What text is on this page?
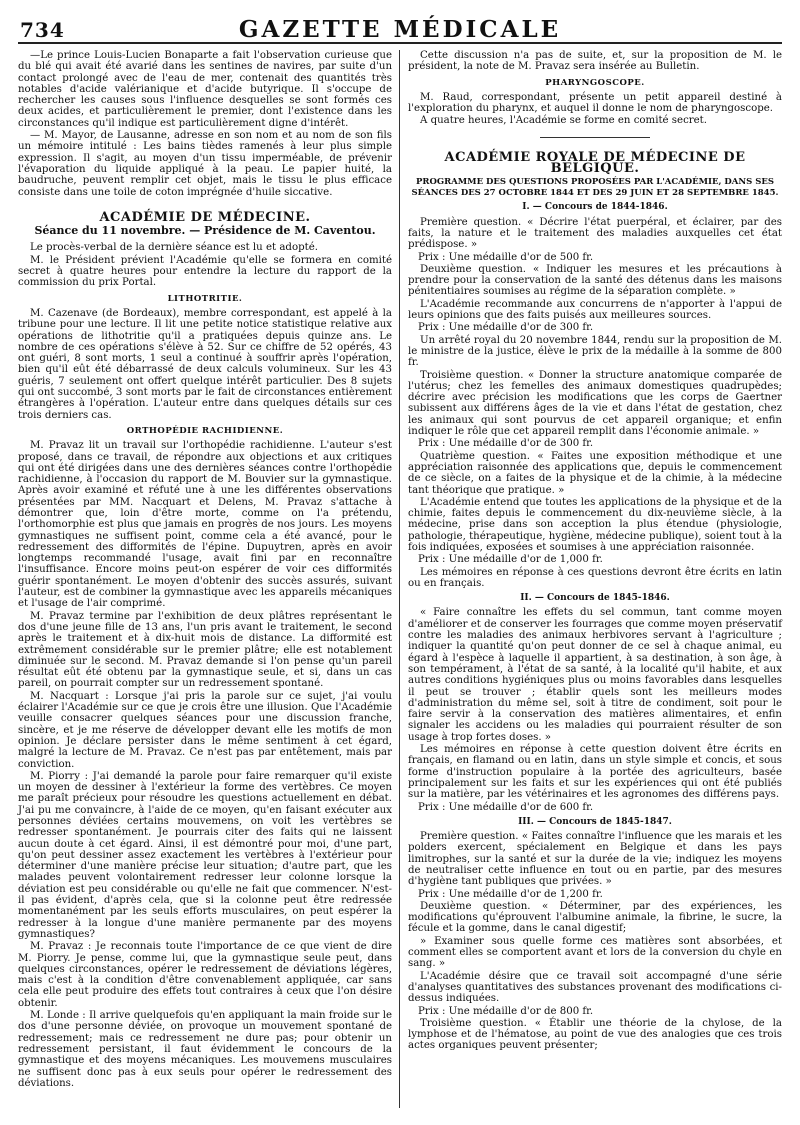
734	GAZETTE MÉDICALE

—Le prince Louis-Lucien Bonaparte a fait l'observation curieuse que du blé qui avait été avarié dans les sentines de navires, par suite d'un contact prolongé avec de l'eau de mer, contenait des quantités très notables d'acide valérianique et d'acide butyrique. Il s'occupe de rechercher les causes sous l'influence desquelles se sont formés ces deux acides, et particulièrement le premier, dont l'existence dans les circonstances qu'il indique est particulièrement digne d'intérêt.

— M. Mayor, de Lausanne, adresse en son nom et au nom de son fils un mémoire intitulé : Les bains tièdes ramenés à leur plus simple expression. Il s'agit, au moyen d'un tissu imperméable, de prévenir l'évaporation du liquide appliqué à la peau. Le papier huité, la baudruche, peuvent remplir cet objet, mais le tissu le plus efficace consiste dans une toile de coton imprégnée d'huile siccative.

ACADÉMIE DE MÉDECINE.
Séance du 11 novembre. — Présidence de M. Caventou.

Le procès-verbal de la dernière séance est lu et adopté.

M. le Président prévient l'Académie qu'elle se formera en comité secret à quatre heures pour entendre la lecture du rapport de la commission du prix Portal.

LITHOTRITIE.

M. Cazenave (de Bordeaux), membre correspondant, est appelé à la tribune pour une lecture. Il lit une petite notice statistique relative aux opérations de lithotritie qu'il a pratiquées depuis quinze ans. Le nombre de ces opérations s'élève à 52. Sur ce chiffre de 52 opérés, 43 ont guéri, 8 sont morts, 1 seul a continué à souffrir après l'opération, bien qu'il eût été débarrassé de deux calculs volumineux. Sur les 43 guéris, 7 seulement ont offert quelque intérêt particulier. Des 8 sujets qui ont succombé, 3 sont morts par le fait de circonstances entièrement étrangères à l'opération. L'auteur entre dans quelques détails sur ces trois derniers cas.

ORTHOPÉDIE RACHIDIENNE.

M. Pravaz lit un travail sur l'orthopédie rachidienne. L'auteur s'est proposé, dans ce travail, de répondre aux objections et aux critiques qui ont été dirigées dans une des dernières séances contre l'orthopédie rachidienne, à l'occasion du rapport de M. Bouvier sur la gymnastique. Après avoir examiné et réfuté une à une les différentes observations présentées par MM. Nacquart et Delens, M. Pravaz s'attache à démontrer que, loin d'être morte, comme on l'a prétendu, l'orthomorphie est plus que jamais en progrès de nos jours. Les moyens gymnastiques ne suffisent point, comme cela a été avancé, pour le redressement des difformités de l'épine. Dupuytren, après en avoir longtemps recommandé l'usage, avait fini par en reconnaître l'insuffisance. Encore moins peut-on espérer de voir ces difformités guérir spontanément. Le moyen d'obtenir des succès assurés, suivant l'auteur, est de combiner la gymnastique avec les appareils mécaniques et l'usage de l'air comprimé.

M. Pravaz termine par l'exhibition de deux plâtres représentant le dos d'une jeune fille de 13 ans, l'un pris avant le traitement, le second après le traitement et à dix-huit mois de distance. La difformité est extrêmement considérable sur le premier plâtre; elle est notablement diminuée sur le second. M. Pravaz demande si l'on pense qu'un pareil résultat eût été obtenu par la gymnastique seule, et si, dans un cas pareil, on pourrait compter sur un redressement spontané.

M. Nacquart : Lorsque j'ai pris la parole sur ce sujet, j'ai voulu éclairer l'Académie sur ce que je crois être une illusion. Que l'Académie veuille consacrer quelques séances pour une discussion franche, sincère, et je me réserve de développer devant elle les motifs de mon opinion. Je déclare persister dans le même sentiment à cet égard, malgré la lecture de M. Pravaz. Ce n'est pas par entêtement, mais par conviction.

M. Piorry : J'ai demandé la parole pour faire remarquer qu'il existe un moyen de dessiner à l'extérieur la forme des vertèbres. Ce moyen me paraît précieux pour résoudre les questions actuellement en débat. J'ai pu me convaincre, à l'aide de ce moyen, qu'en faisant exécuter aux personnes déviées certains mouvemens, on voit les vertèbres se redresser spontanément. Je pourrais citer des faits qui ne laissent aucun doute à cet égard. Ainsi, il est démontré pour moi, d'une part, qu'on peut dessiner assez exactement les vertèbres à l'extérieur pour déterminer d'une manière précise leur situation; d'autre part, que les malades peuvent volontairement redresser leur colonne lorsque la déviation est peu considérable ou qu'elle ne fait que commencer. N'est-il pas évident, d'après cela, que si la colonne peut être redressée momentanément par les seuls efforts musculaires, on peut espérer la redresser à la longue d'une manière permanente par des moyens gymnastiques?

M. Pravaz : Je reconnais toute l'importance de ce que vient de dire M. Piorry. Je pense, comme lui, que la gymnastique seule peut, dans quelques circonstances, opérer le redressement de déviations légères, mais c'est à la condition d'être convenablement appliquée, car sans cela elle peut produire des effets tout contraires à ceux que l'on désire obtenir.

M. Londe : Il arrive quelquefois qu'en appliquant la main froide sur le dos d'une personne déviée, on provoque un mouvement spontané de redressement; mais ce redressement ne dure pas; pour obtenir un redressement persistant, il faut évidemment le concours de la gymnastique et des moyens mécaniques. Les mouvemens musculaires ne suffisent donc pas à eux seuls pour opérer le redressement des déviations.

Cette discussion n'a pas de suite, et, sur la proposition de M. le président, la note de M. Pravaz sera insérée au Bulletin.

PHARYNGOSCOPE.

M. Raud, correspondant, présente un petit appareil destiné à l'exploration du pharynx, et auquel il donne le nom de pharyngoscope.

A quatre heures, l'Académie se forme en comité secret.

ACADÉMIE ROYALE DE MÉDECINE DE BELGIQUE.
PROGRAMME DES QUESTIONS PROPOSÉES PAR L'ACADÉMIE, DANS SES SÉANCES DES 27 OCTOBRE 1844 ET DES 29 JUIN ET 28 SEPTEMBRE 1845.
I. — Concours de 1844-1846.

Première question. « Décrire l'état puerpéral, et éclairer, par des faits, la nature et le traitement des maladies auxquelles cet état prédispose. »

Prix : Une médaille d'or de 500 fr.

Deuxième question. « Indiquer les mesures et les précautions à prendre pour la conservation de la santé des détenus dans les maisons pénitentiaires soumises au régime de la séparation complète. »

L'Académie recommande aux concurrens de n'apporter à l'appui de leurs opinions que des faits puisés aux meilleures sources.

Prix : Une médaille d'or de 300 fr.

Un arrêté royal du 20 novembre 1844, rendu sur la proposition de M. le ministre de la justice, élève le prix de la médaille à la somme de 800 fr.

Troisième question. « Donner la structure anatomique comparée de l'utérus; chez les femelles des animaux domestiques quadrupèdes; décrire avec précision les modifications que les corps de Gaertner subissent aux différens âges de la vie et dans l'état de gestation, chez les animaux qui sont pourvus de cet appareil organique; et enfin indiquer le rôle que cet appareil remplit dans l'économie animale. »

Prix : Une médaille d'or de 300 fr.

Quatrième question. « Faites une exposition méthodique et une appréciation raisonnée des applications que, depuis le commencement de ce siècle, on a faites de la physique et de la chimie, à la médecine tant théorique que pratique. »

L'Académie entend que toutes les applications de la physique et de la chimie, faites depuis le commencement du dix-neuvième siècle, à la médecine, prise dans son acception la plus étendue (physiologie, pathologie, thérapeutique, hygiène, médecine publique), soient tout à la fois indiquées, exposées et soumises à une appréciation raisonnée.

Prix : Une médaille d'or de 1,000 fr.

Les mémoires en réponse à ces questions devront être écrits en latin ou en français.

II. — Concours de 1845-1846.

« Faire connaître les effets du sel commun, tant comme moyen d'améliorer et de conserver les fourrages que comme moyen préservatif contre les maladies des animaux herbivores servant à l'agriculture ; indiquer la quantité qu'on peut donner de ce sel à chaque animal, eu égard à l'espèce à laquelle il appartient, à sa destination, à son âge, à son tempérament, à l'état de sa santé, à la localité qu'il habite, et aux autres conditions hygiéniques plus ou moins favorables dans lesquelles il peut se trouver ; établir quels sont les meilleurs modes d'administration du même sel, soit à titre de condiment, soit pour le faire servir à la conservation des matières alimentaires, et enfin signaler les accidens ou les maladies qui pourraient résulter de son usage à trop fortes doses. »

Les mémoires en réponse à cette question doivent être écrits en français, en flamand ou en latin, dans un style simple et concis, et sous forme d'instruction populaire à la portée des agriculteurs, basée principalement sur les faits et sur les expériences qui ont été publiés sur la matière, par les vétérinaires et les agronomes des différens pays.

Prix : Une médaille d'or de 600 fr.

III. — Concours de 1845-1847.

Première question. « Faites connaître l'influence que les marais et les polders exercent, spécialement en Belgique et dans les pays limitrophes, sur la santé et sur la durée de la vie; indiquez les moyens de neutraliser cette influence en tout ou en partie, par des mesures d'hygiène tant publiques que privées. »

Prix : Une médaille d'or de 1,200 fr.

Deuxième question. « Déterminer, par des expériences, les modifications qu'éprouvent l'albumine animale, la fibrine, le sucre, la fécule et la gomme, dans le canal digestif;

» Examiner sous quelle forme ces matières sont absorbées, et comment elles se comportent avant et lors de la conversion du chyle en sang. »

L'Académie désire que ce travail soit accompagné d'une série d'analyses quantitatives des substances provenant des modifications ci-dessus indiquées.

Prix : Une médaille d'or de 800 fr.

Troisième question. « Établir une théorie de la chylose, de la lymphose et de l'hématose, au point de vue des analogies que ces trois actes organiques peuvent présenter;
